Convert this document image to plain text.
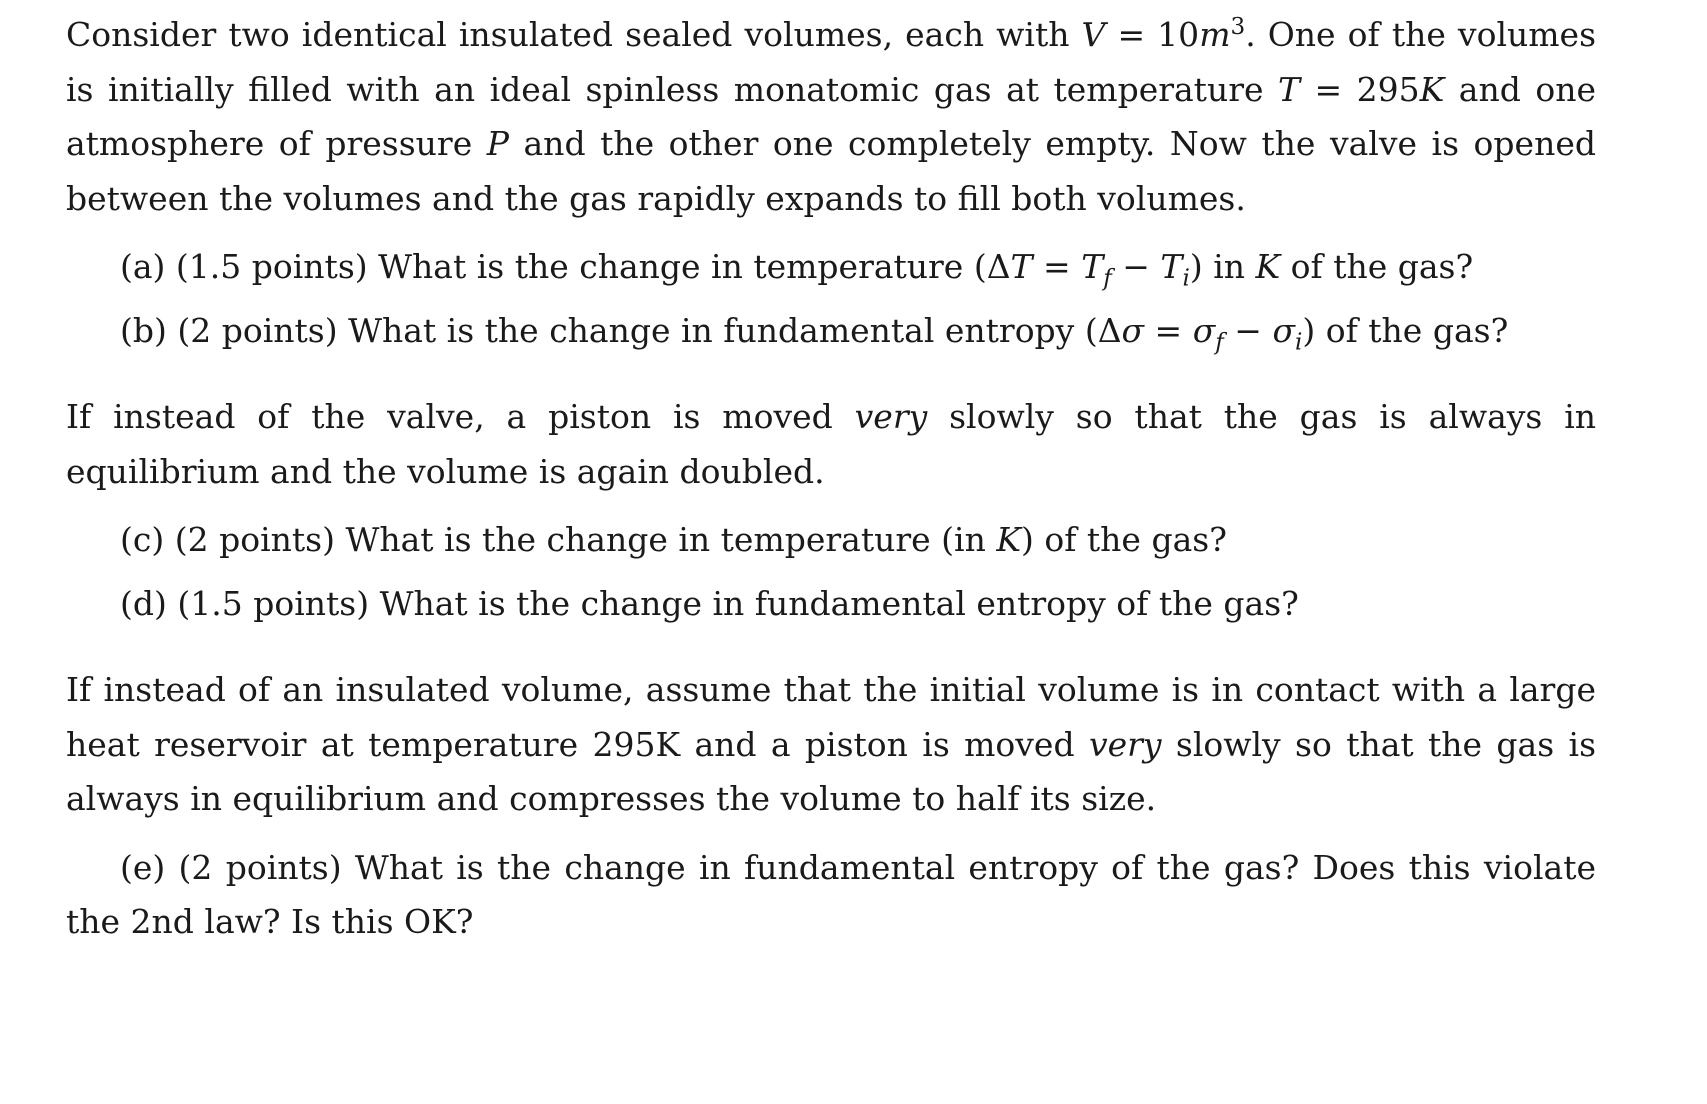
Consider two identical insulated sealed volumes, each with $V = 10m^3$. One of the volumes is initially filled with an ideal spinless monatomic gas at temperature T = 295K and one atmosphere of pressure P and the other one completely empty. Now the valve is opened between the volumes and the gas rapidly expands to fill both volumes.

(a) (1.5 points) What is the change in temperature $(\Delta T = T_f - T_i)$ in K of the gas?

(b) (2 points) What is the change in fundamental entropy $(\Delta\sigma = \sigma_f - \sigma_i)$ of the gas?

If instead of the valve, a piston is moved very slowly so that the gas is always in equilibrium and the volume is again doubled.

(c) (2 points) What is the change in temperature (in K) of the gas?

(d) (1.5 points) What is the change in fundamental entropy of the gas?

If instead of an insulated volume, assume that the initial volume is in contact with a large heat reservoir at temperature 295K and a piston is moved very slowly so that the gas is always in equilibrium and compresses the volume to half its size.

(e) (2 points) What is the change in fundamental entropy of the gas? Does this violate the 2nd law? Is this OK?
